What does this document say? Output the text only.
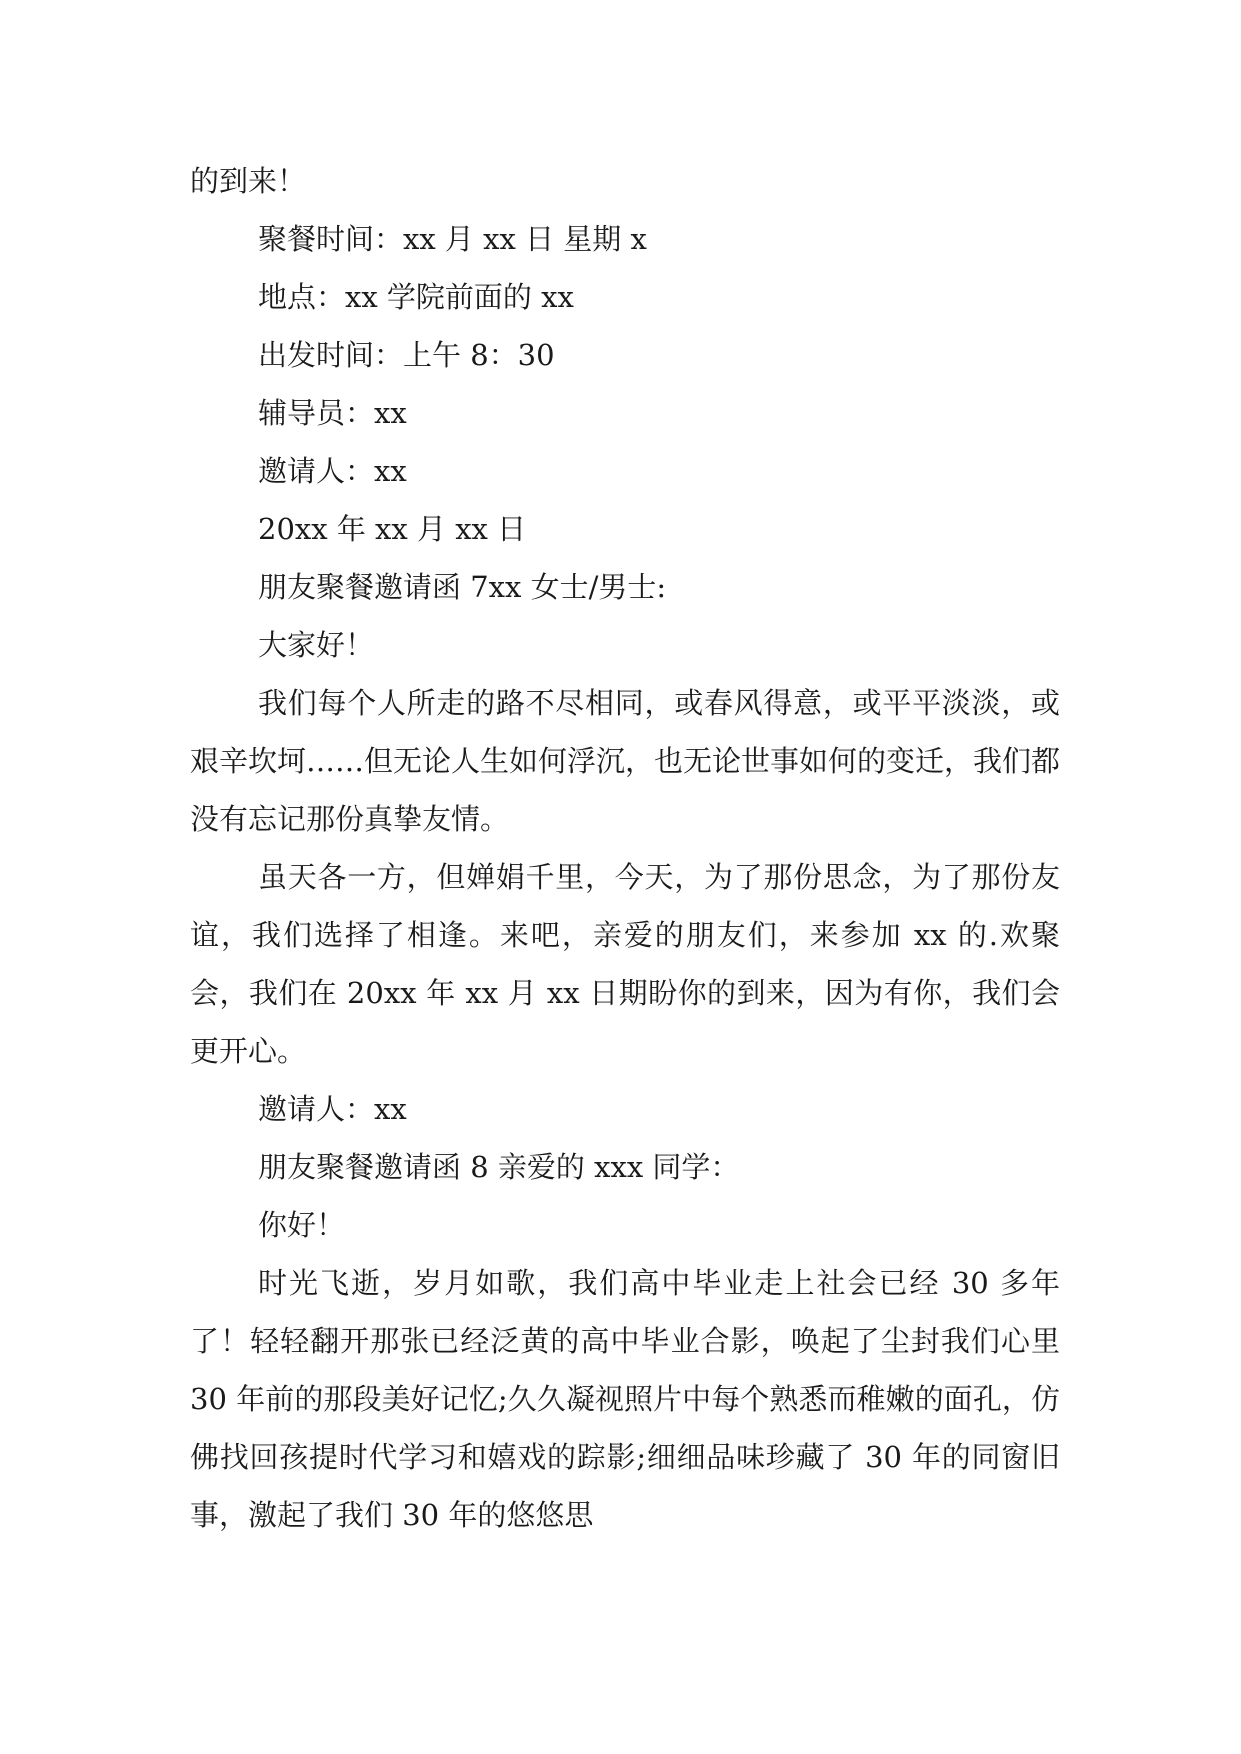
的到来！

聚餐时间：xx 月 xx 日 星期 x

地点：xx 学院前面的 xx

出发时间：上午 8：30

辅导员：xx

邀请人：xx

20xx 年 xx 月 xx 日

朋友聚餐邀请函 7xx 女士/男士:

大家好！

我们每个人所走的路不尽相同，或春风得意，或平平淡淡，或艰辛坎坷……但无论人生如何浮沉，也无论世事如何的变迁，我们都没有忘记那份真挚友情。

虽天各一方，但婵娟千里，今天，为了那份思念，为了那份友谊，我们选择了相逢。来吧，亲爱的朋友们，来参加 xx 的.欢聚会，我们在 20xx 年 xx 月 xx 日期盼你的到来，因为有你，我们会更开心。

邀请人：xx

朋友聚餐邀请函 8 亲爱的 xxx 同学：

你好！

时光飞逝，岁月如歌，我们高中毕业走上社会已经 30 多年了！轻轻翻开那张已经泛黄的高中毕业合影，唤起了尘封我们心里 30 年前的那段美好记忆;久久凝视照片中每个熟悉而稚嫩的面孔，仿佛找回孩提时代学习和嬉戏的踪影;细细品味珍藏了 30 年的同窗旧事，激起了我们 30 年的悠悠思
